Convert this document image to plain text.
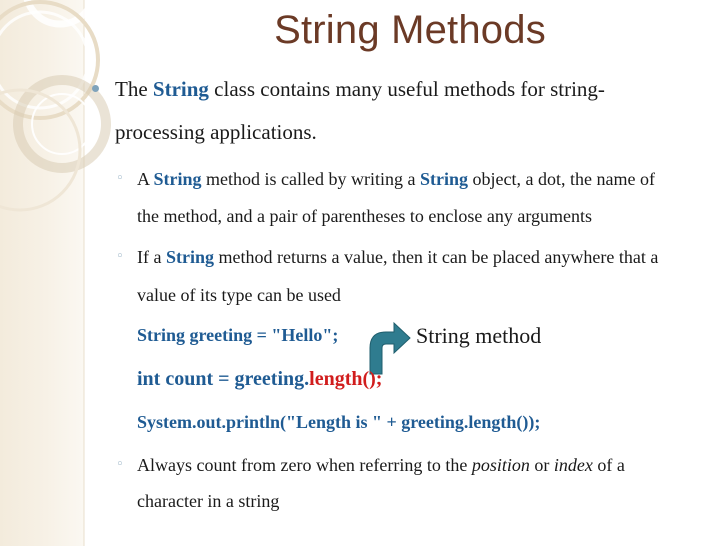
String Methods
The String class contains many useful methods for string-
processing applications.
◦ A String method is called by writing a String object, a dot, the name of
the method, and a pair of parentheses to enclose any arguments
◦ If a String method returns a value, then it can be placed anywhere that a
value of its type can be used
String greeting = "Hello";	String method
int count = greeting.length();
System.out.println("Length is " + greeting.length());
◦ Always count from zero when referring to the position or index of a
character in a string
